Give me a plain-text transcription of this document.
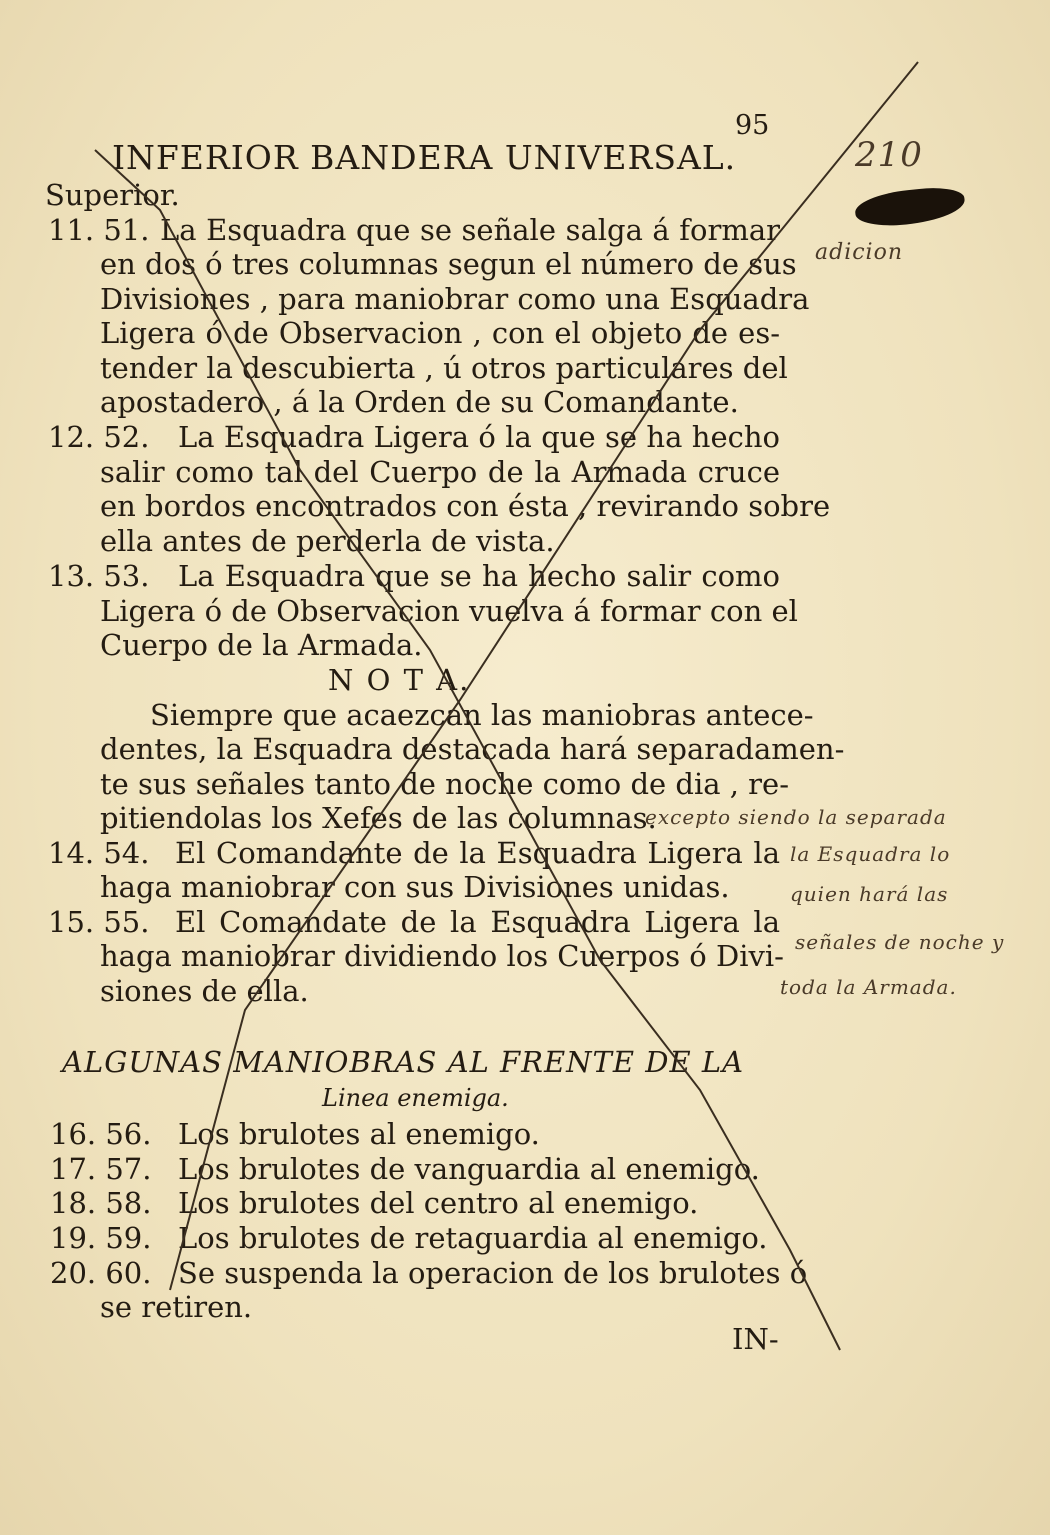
95
INFERIOR BANDERA UNIVERSAL.
Superior.
11. 51. La Esquadra que se señale salga á formar
en dos ó tres columnas segun el número de sus
Divisiones , para maniobrar como una Esquadra
Ligera ó de Observacion , con el objeto de es-
tender la descubierta , ú otros particulares del
apostadero , á la Orden de su Comandante.
12. 52. La Esquadra Ligera ó la que se ha hecho
salir como tal del Cuerpo de la Armada cruce
en bordos encontrados con ésta , revirando sobre
ella antes de perderla de vista.
13. 53. La Esquadra que se ha hecho salir como
Ligera ó de Observacion vuelva á formar con el
Cuerpo de la Armada.
N O T A.
Siempre que acaezcan las maniobras antece-
dentes, la Esquadra destacada hará separadamen-
te sus señales tanto de noche como de dia , re-
pitiendolas los Xefes de las columnas.
14. 54. El Comandante de la Esquadra Ligera la
haga maniobrar con sus Divisiones unidas.
15. 55. El Comandate de la Esquadra Ligera la
haga maniobrar dividiendo los Cuerpos ó Divi-
siones de ella.
ALGUNAS MANIOBRAS AL FRENTE DE LA
Linea enemiga.
16. 56. Los brulotes al enemigo.
17. 57. Los brulotes de vanguardia al enemigo.
18. 58. Los brulotes del centro al enemigo.
19. 59. Los brulotes de retaguardia al enemigo.
20. 60. Se suspenda la operacion de los brulotes ó
se retiren.
IN-
210
adicion
excepto siendo la separada
la Esquadra lo
quien hará las
señales de noche y
toda la Armada.
